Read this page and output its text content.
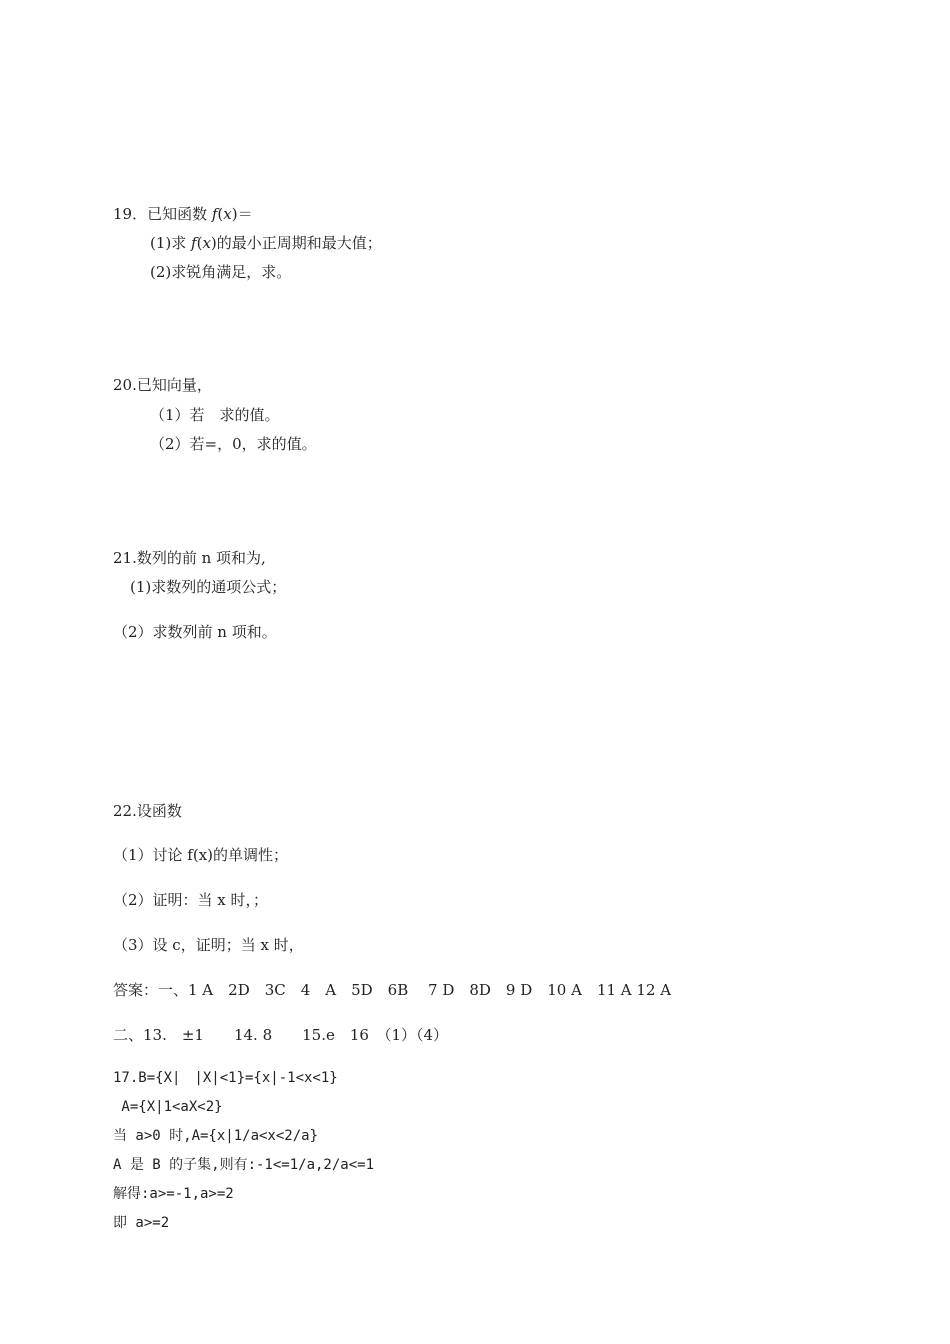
19．已知函数 f(x)＝
(1)求 f(x)的最小正周期和最大值；
(2)求锐角满足，求。
20.已知向量，
（1）若　求的值。
（2）若=，0，求的值。
21.数列的前 n 项和为,
(1)求数列的通项公式；
（2）求数列前 n 项和。
22.设函数
（1）讨论 f(x)的单调性；
（2）证明：当 x 时，；
（3）设 c，证明；当 x 时，
答案：一、1 A　2D　3C　4　A　5D　6B　 7 D　8D　9 D　10 A　11 A 12 A
二、13.　±1　　14. 8　　15.e　16　（1）（4）
17.B={X|　|X|<1}={x|-1<x<1}
A={X|1<aX<2}
当 a>0 时,A={x|1/a<x<2/a}
A 是 B 的子集,则有:-1<=1/a,2/a<=1
解得:a>=-1,a>=2
即 a>=2
